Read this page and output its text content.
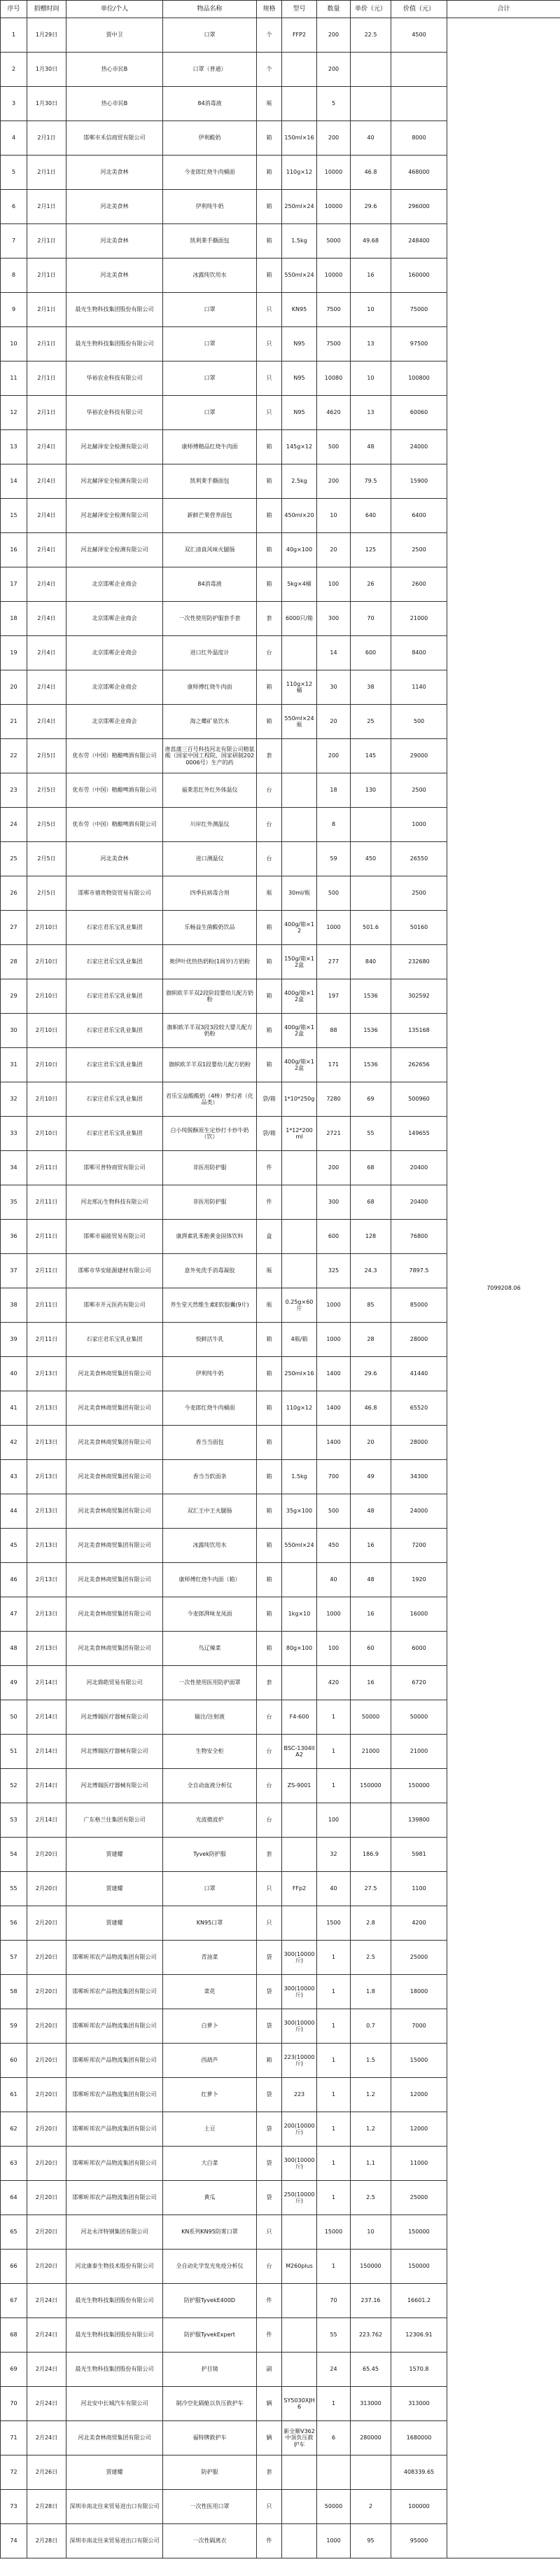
序号	捐赠时间	单位/个人	物品名称	规格	型号	数量	单价（元）	价值（元）	合计
1	1月29日	贾中卫	口罩	个	FFP2	200	22.5	4500	7099208.06
2	1月30日	热心市民B	口罩（普通）	个		200			
3	1月30日	热心市民B	84消毒液	瓶		5			
4	2月1日	邯郸市禾信商贸有限公司	伊利酸奶	箱	150ml×16	200	40	8000	
5	2月1日	河北美食林	今麦郎红烧牛肉桶面	箱	110g×12	10000	46.8	468000	
6	2月1日	河北美食林	伊利纯牛奶	箱	250ml×24	10000	29.6	296000	
7	2月1日	河北美食林	凯利莱手撕面包	箱	1.5kg	5000	49.68	248400	
8	2月1日	河北美食林	冰露纯饮用水	箱	550ml×24	10000	16	160000	
9	2月1日	晨光生物科技集团股份有限公司	口罩	只	KN95	7500	10	75000	
10	2月1日	晨光生物科技集团股份有限公司	口罩	只	N95	7500	13	97500	
11	2月1日	华裕农业科技有限公司	口罩	只	N95	10080	10	100800	
12	2月1日	华裕农业科技有限公司	口罩	只	N95	4620	13	60060	
13	2月4日	河北赫泽安全检测有限公司	康师傅精品红烧牛肉面	箱	145g×12	500	48	24000	
14	2月4日	河北赫泽安全检测有限公司	凯利莱手撕面包	箱	2.5kg	200	79.5	15900	
15	2月4日	河北赫泽安全检测有限公司	新鲜芒果营养面包	箱	450ml×20	10	640	6400	
16	2月4日	河北赫泽安全检测有限公司	双汇清真风味火腿肠	箱	40g×100	20	125	2500	
17	2月4日	北京邯郸企业商会	84消毒液	箱	5kg×4桶	100	26	2600	
18	2月4日	北京邯郸企业商会	一次性使用防护服套手套	套	6000只/箱	300	70	21000	
19	2月4日	北京邯郸企业商会	进口红外温度计	台		14	600	8400	
20	2月4日	北京邯郸企业商会	康师傅红烧牛肉面	箱	110g×12桶	30	38	1140	
21	2月4日	北京邯郸企业商会	海之蝶矿泉饮水	箱	550ml×24瓶	20	25	500	
22	2月5日	优布劳（中国）精酿啤酒有限公司	唐菖蒲三百号科技河北有限公司精氨酸（国家中国工程院、国家研制2020006号）生产的药	套		200	145	29000	
23	2月5日	优布劳（中国）精酿啤酒有限公司	福莱思红外红外体温仪	台		18	130	2500	
24	2月5日	优布劳（中国）精酿啤酒有限公司	川岸红外测温仪	台		8		1000	
25	2月5日	河北美食林	进口测温仪	台		59	450	26550	
26	2月5日	邯郸市禧贵物资贸易有限公司	四季抗病毒合剂	瓶	30ml/瓶	500		2500	
27	2月10日	石家庄君乐宝乳业集团	乐畅益生菌酸奶饮品	箱	400g/箱×12	1000	501.6	50160	
28	2月10日	石家庄君乐宝乳业集团	奥伊叶优热热奶粉(1周岁)方奶粉	箱	150g/箱×12盒	277	840	232680	
29	2月10日	石家庄君乐宝乳业集团	旗帜欧羊羊双2段阶段婴幼儿配方奶粉	箱	400g/箱×12盒	197	1536	302592	
30	2月10日	石家庄君乐宝乳业集团	旗帜欧羊羊双3段3段较大婴儿配方奶粉	箱	400g/箱×12盒	88	1536	135168	
31	2月10日	石家庄君乐宝乳业集团	旗帜欧羊羊双1段婴幼儿配方奶粉	箱	400g/箱×12盒	171	1536	262656	
32	2月10日	石家庄君乐宝乳业集团	君乐宝益酸酸奶（4棒）梦幻者（化品类）	袋/箱	1*10*250g	7280	69	500960	
33	2月10日	石家庄君乐宝乳业集团	白小纯脱酥原生定炒打卡炒牛奶（饮）	袋/箱	1*12*200ml	2721	55	149655	
34	2月11日	邯郸可普特商贸有限公司	非医用防护服	件		200	68	20400	
35	2月11日	河北邢沁生物科技有限公司	非医用防护服	件		300	68	20400	
36	2月11日	邯郸市福能贸易有限公司	康湃素乳苯酚黄金固体饮料	盒		600	128	76800	
37	2月11日	邯郸市华安能源建材有限公司	意外免洗手消毒凝胶	瓶		325	24.3	7897.5	
38	2月11日	邯郸市开元医药有限公司	养生堂天然维生素E软胶囊(9片)	瓶	0.25g×60片	1000	85	85000	
39	2月11日	石家庄君乐宝乳业集团	悦鲜活牛乳	箱	4瓶/箱	1000	28	28000	
40	2月13日	河北美食林商贸集团有限公司	伊利纯牛奶	箱	250ml×16	1400	29.6	41440	
41	2月13日	河北美食林商贸集团有限公司	今麦郎红烧牛肉桶面	箱	110g×12	1400	46.8	65520	
42	2月13日	河北美食林商贸集团有限公司	香当当面包	箱		1400	20	28000	
43	2月13日	河北美食林商贸集团有限公司	香当当软面条	箱	1.5kg	700	49	34300	
44	2月13日	河北美食林商贸集团有限公司	双汇王中王火腿肠	箱	35g×100	500	48	24000	
45	2月13日	河北美食林商贸集团有限公司	冰露纯饮用水	箱	550ml×24	450	16	7200	
46	2月13日	河北美食林商贸集团有限公司	康师傅红烧牛肉面（箱）	箱		40	48	1920	
47	2月13日	河北美食林商贸集团有限公司	今麦郎湃味龙凤面	箱	1kg×10	1000	16	16000	
48	2月13日	河北美食林商贸集团有限公司	鸟辽辣菜	箱	80g×100	100	60	6000	
49	2月14日	河北鼎皓贸易有限公司	一次性使用医用防护面罩	套		420	16	6720	
50	2月14日	河北博瑞医疗器械有限公司	输注/注射液	台	F4-600	1	50000	50000	
51	2月14日	河北博瑞医疗器械有限公司	生物安全柜	台	BSC-1304IIA2	1	21000	21000	
52	2月14日	河北博瑞医疗器械有限公司	全自动血液分析仪	台	ZS-9001	1	150000	150000	
53	2月14日	广东格兰仕集团有限公司	光波微波炉	台		100		139800	
54	2月20日	贾建耀	Tyvek防护服	套		32	186.9	5981	
55	2月20日	贾建耀	口罩	只	FFp2	40	27.5	1100	
56	2月20日	贾建耀	KN95口罩	只		1500	2.8	4200	
57	2月20日	邯郸昕邦农产品物流集团有限公司	青油菜	袋	300(10000斤)	1	2.5	25000	
58	2月20日	邯郸昕邦农产品物流集团有限公司	菜花	袋	300(10000斤)	1	1.8	18000	
59	2月20日	邯郸昕邦农产品物流集团有限公司	白萝卜	袋	300(10000斤)	1	0.7	7000	
60	2月20日	邯郸昕邦农产品物流集团有限公司	西葫芦	箱	223(10000斤)	1	1.5	15000	
61	2月20日	邯郸昕邦农产品物流集团有限公司	红萝卜	袋	223	1	1.2	12000	
62	2月20日	邯郸昕邦农产品物流集团有限公司	土豆	袋	200(10000斤)	1	1.2	12000	
63	2月20日	邯郸昕邦农产品物流集团有限公司	大白菜	袋	300(10000斤)	1	1.1	11000	
64	2月20日	邯郸昕邦农产品物流集团有限公司	黄瓜	袋	250(10000斤)	1	2.5	25000	
65	2月20日	河北永洋特钢集团有限公司	KN系列KN95防雾口罩	只		15000	10	150000	
66	2月20日	河北康泰生物技术股份有限公司	全自动化学发光免疫分析仪	台	M260plus	1	150000	150000	
67	2月24日	晨光生物科技集团股份有限公司	防护服TyvekE400D	件		70	237.16	16601.2	
68	2月24日	晨光生物科技集团股份有限公司	防护服TyvekExpert	件		55	223.762	12306.91	
69	2月24日	晨光生物科技集团股份有限公司	护目镜	副		24	65.45	1570.8	
70	2月24日	河北安中长城汽车有限公司	制冷空化隔舱以负压救护车	辆	SY5030XJH6	1	313000	313000	
71	2月24日	河北美食林商贸集团有限公司	福特牌救护车	辆	新全顺V362中顶负压救护车	6	280000	1680000	
72	2月26日	贾建耀	防护服	套				408339.65	
73	2月28日	深圳市南北往来贸易进出口有限公司	一次性医用口罩	只		50000	2	100000	
74	2月28日	深圳市南北往来贸易进出口有限公司	一次性隔离衣	件		1000	95	95000	
